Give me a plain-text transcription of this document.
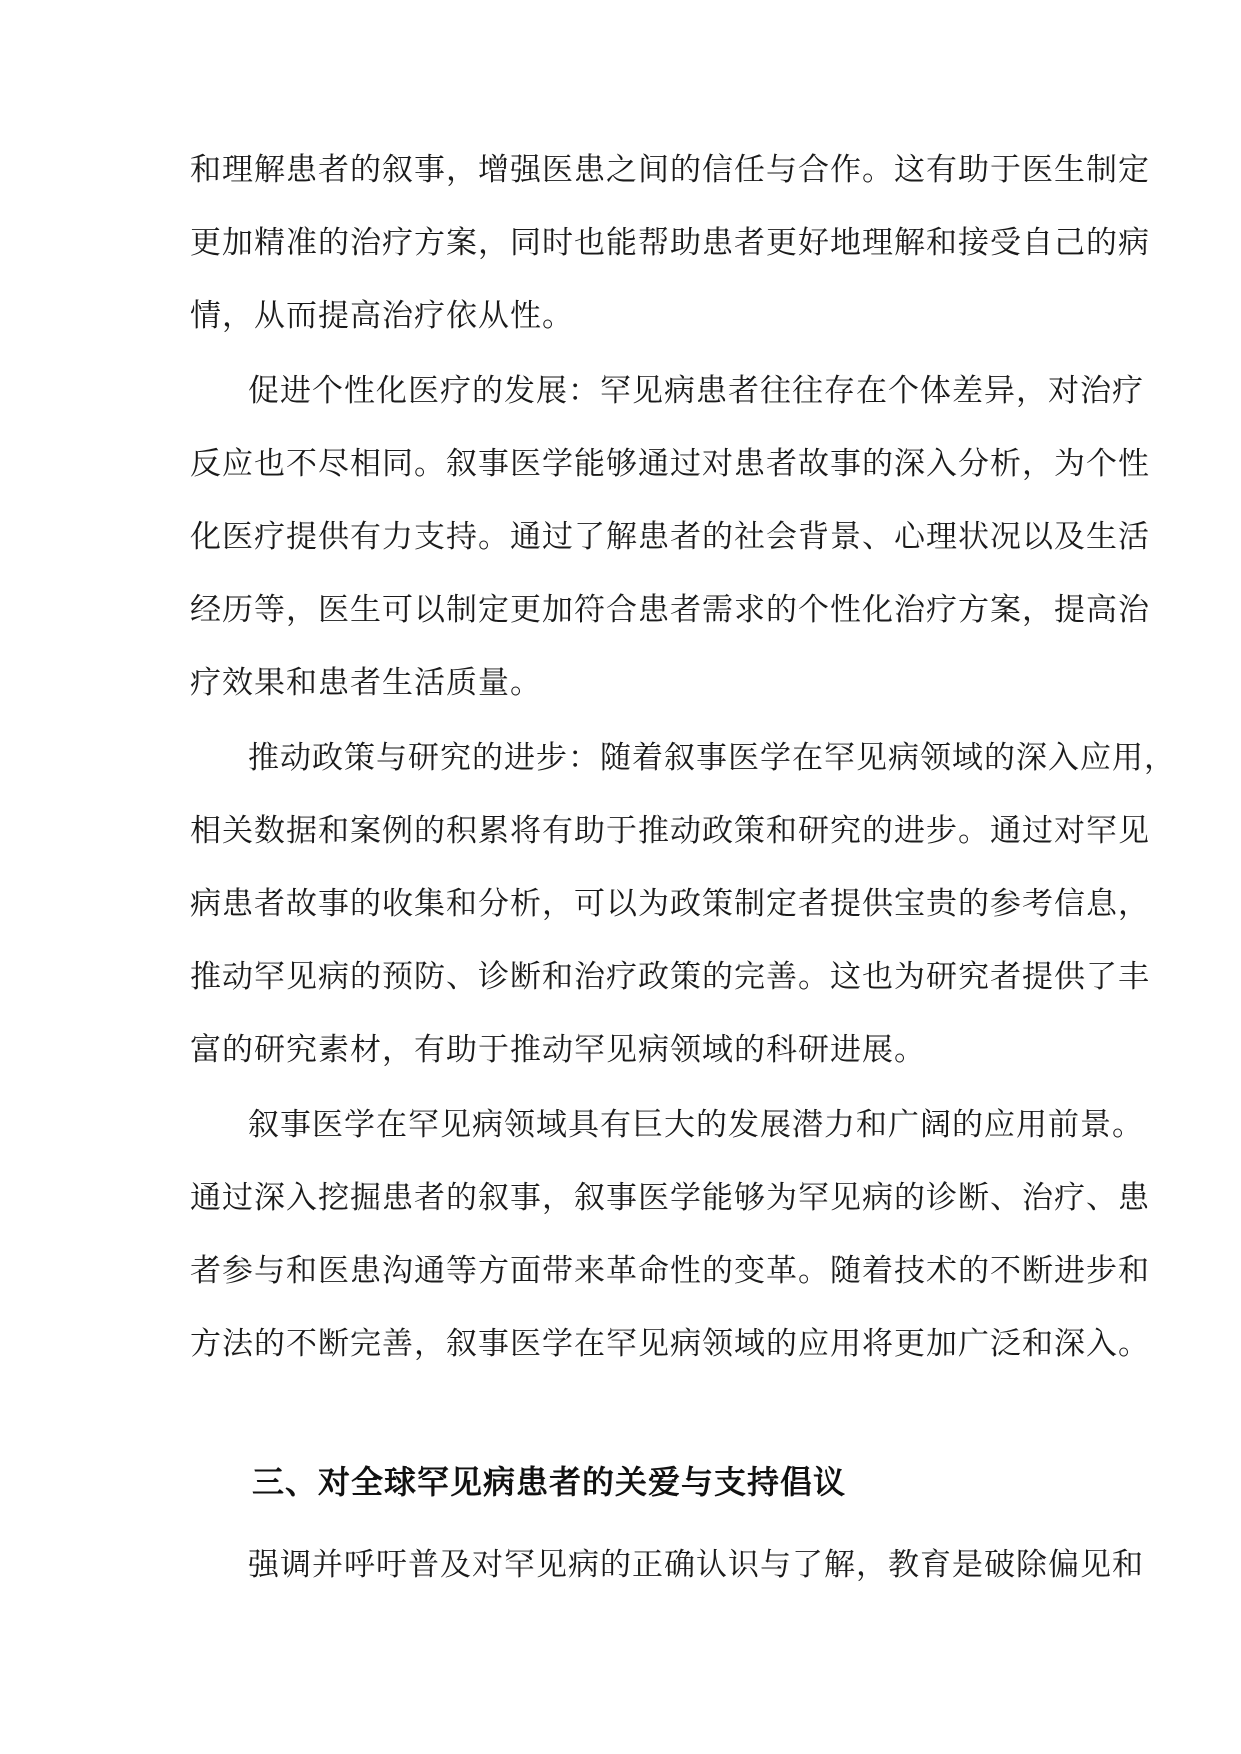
和理解患者的叙事，增强医患之间的信任与合作。这有助于医生制定
更加精准的治疗方案，同时也能帮助患者更好地理解和接受自己的病
情，从而提高治疗依从性。
促进个性化医疗的发展：罕见病患者往往存在个体差异，对治疗
反应也不尽相同。叙事医学能够通过对患者故事的深入分析，为个性
化医疗提供有力支持。通过了解患者的社会背景、心理状况以及生活
经历等，医生可以制定更加符合患者需求的个性化治疗方案，提高治
疗效果和患者生活质量。
推动政策与研究的进步：随着叙事医学在罕见病领域的深入应用，
相关数据和案例的积累将有助于推动政策和研究的进步。通过对罕见
病患者故事的收集和分析，可以为政策制定者提供宝贵的参考信息，
推动罕见病的预防、诊断和治疗政策的完善。这也为研究者提供了丰
富的研究素材，有助于推动罕见病领域的科研进展。
叙事医学在罕见病领域具有巨大的发展潜力和广阔的应用前景。
通过深入挖掘患者的叙事，叙事医学能够为罕见病的诊断、治疗、患
者参与和医患沟通等方面带来革命性的变革。随着技术的不断进步和
方法的不断完善，叙事医学在罕见病领域的应用将更加广泛和深入。
三、对全球罕见病患者的关爱与支持倡议
强调并呼吁普及对罕见病的正确认识与了解，教育是破除偏见和
